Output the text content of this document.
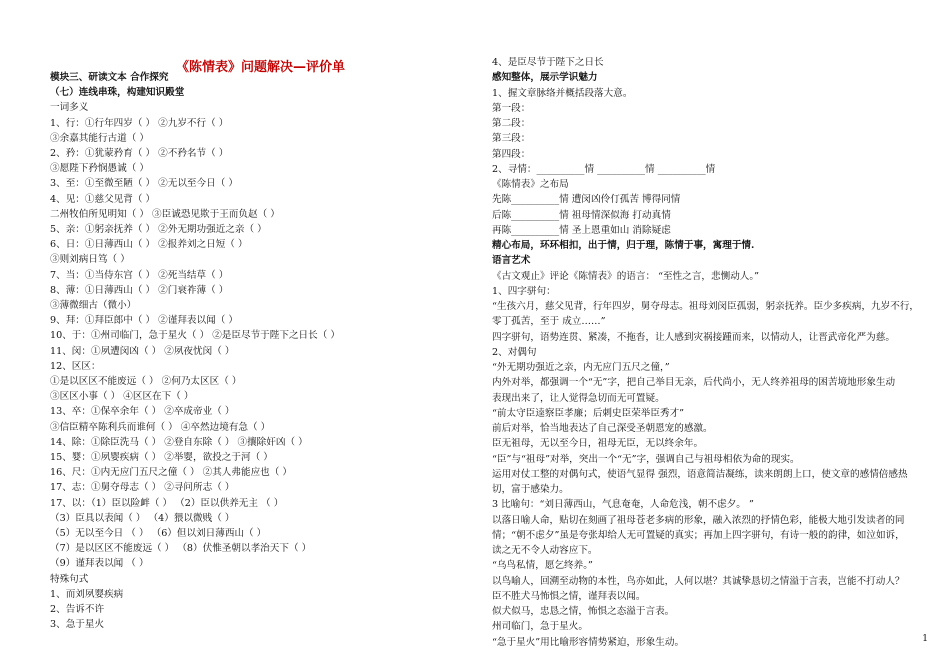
《陈情表》问题解决—评价单
模块三、研读文本 合作探究
（七）连线串珠，构建知识殿堂
一词多义
1、行：①行年四岁（ ） ②九岁不行（ ）
③余嘉其能行古道（ ）
2、矜：①犹蒙矜育（ ） ②不矜名节（ ）
③愿陛下矜悯愚诚（ ）
3、至：①至微至陋（ ） ②无以至今日（ ）
4、见：①慈父见背（ ）
二州牧伯所见明知（ ） ③臣诚恐见欺于王而负赵（ ）
5、亲：①躬亲抚养（ ） ②外无期功强近之亲（ ）
6、日：①日薄西山（ ） ②报养刘之日短（ ）
③则刘病日笃（ ）
7、当：①当侍东宫（ ） ②死当结草（ ）
8、薄：①日薄西山（ ） ②门衰祚薄（ ）
③薄微细古（微小）
9、拜：①拜臣郎中（ ） ②谨拜表以闻（ ）
10、于：①州司临门，急于星火（ ） ②是臣尽节于陛下之日长（ ）
11、闵：①夙遭闵凶（ ） ②夙夜忧闵（ ）
12、区区：
①是以区区不能废远（ ） ②何乃太区区（ ）
③区区小事（ ） ④区区在下（ ）
13、卒：①保卒余年（ ） ②卒成帝业（ ）
③信臣精卒陈利兵而谁何（ ） ④卒然边境有急（ ）
14、除：①除臣洗马（ ） ②登自东除（ ） ③攘除奸凶（ ）
15、婴：①夙婴疾病（ ） ②举婴，欲投之于河（ ）
16、尺：①内无应门五尺之僮（ ） ②其人弗能应也（ ）
17、志：①舅夺母志（ ） ②寻问所志（ ）
17、以：（1）臣以险衅（ ） （2）臣以供养无主 （ ）
（3）臣具以表闻（ ） （4）猥以微贱（ ）
（5）无以至今日 （ ） （6）但以刘日薄西山（ ）
（7）是以区区不能废远（ ） （8）伏惟圣朝以孝治天下（ ）
（9）谨拜表以闻 （ ）
特殊句式
1、而刘夙婴疾病
2、告诉不许
3、急于星火
4、是臣尽节于陛下之日长
感知整体，展示学识魅力
1、握文章脉络并概括段落大意。
第一段：
第二段：
第三段：
第四段：
2、寻情：__________情 __________情 __________情
《陈情表》之布局
先陈__________情 遭闵凶伶仃孤苦 博得同情
后陈__________情 祖母情深似海 打动真情
再陈__________情 圣上恩重如山 消除疑虑
精心布局，环环相扣，出于情，归于理，陈情于事，寓理于情.
语言艺术
《古文观止》评论《陈情表》的语言： “至性之言，悲恻动人。”
1、四字骈句：
“生孩六月，慈父见背，行年四岁，舅夺母志。祖母刘闵臣孤弱，躬亲抚养。臣少多疾病，九岁不行，
零丁孤苦，至于 成立……”
四字骈句，语势连贯、紧凑，不拖沓，让人感到灾祸接踵而来，以情动人，让晋武帝化严为慈。
2、对偶句
“外无期功强近之亲，内无应门五尺之僮，”
内外对举，都强调一个“无”字，把自己举目无亲，后代尚小，无人终养祖母的困苦境地形象生动
表现出来了，让人觉得急切而无可置疑。
“前太守臣逵察臣孝廉；后刺史臣荣举臣秀才”
前后对举，恰当地表达了自己深受圣朝恩宠的感激。
臣无祖母，无以至今日，祖母无臣，无以终余年。
“臣”与“祖母”对举，突出一个“无”字，强调自己与祖母相依为命的现实。
运用对仗工整的对偶句式，使语气显得 强烈，语意简洁凝练，读来朗朗上口，使文章的感情倍感热
切，富于感染力。
3 比喻句：“刘日薄西山，气息奄奄，人命危浅，朝不虑夕。 ”
以落日喻人命，贴切在刻画了祖母苍老多病的形象，融入浓烈的抒情色彩，能极大地引发读者的同
情；“朝不虑夕”虽是夸张却给人无可置疑的真实；再加上四字骈句，有诗一般的韵律，如泣如诉，
读之无不令人动容应下。
“乌鸟私情，愿乞终养。”
以鸟喻人，回溯至动物的本性，鸟亦如此，人何以堪？其诚挚恳切之情溢于言表，岂能不打动人？
臣不胜犬马怖惧之情，谨拜表以闻。
似犬似马，忠恳之情，怖惧之态溢于言表。
州司临门，急于星火。
“急于星火”用比喻形容情势紧迫，形象生动。	1
